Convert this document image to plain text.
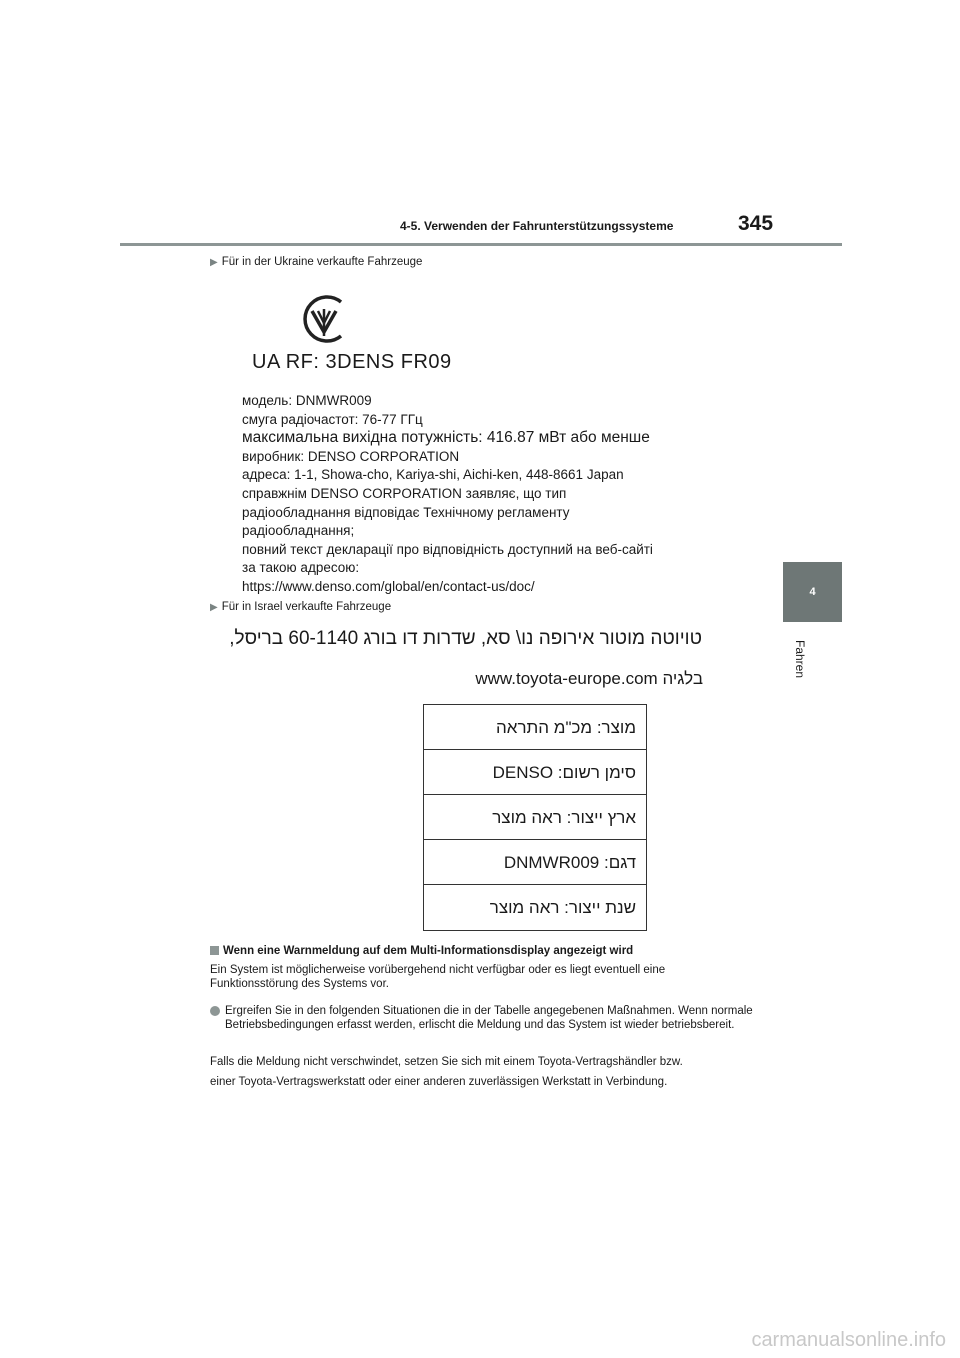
4-5. Verwenden der Fahrunterstützungssysteme	345
4
Fahren
▶ Für in der Ukraine verkaufte Fahrzeuge
UA RF: 3DENS FR09
модель: DNMWR009
смуга радіочастот: 76-77 ГГц
максимальна вихідна потужність: 416.87 мВт або менше
виробник: DENSO CORPORATION
адреса: 1-1, Showa-cho, Kariya-shi, Aichi-ken, 448-8661 Japan
справжнім DENSO CORPORATION заявляє, що тип
радіообладнання відповідає Технічному регламенту
радіообладнання;
повний текст декларації про відповідність доступний на веб-сайті
за такою адресою:
https://www.denso.com/global/en/contact-us/doc/
▶ Für in Israel verkaufte Fahrzeuge
טויוטה מוטור אירופה נו\ סא, שדרות דו בורג 60-1140 בריסל,
בלגיה www.toyota-europe.com
מוצר: מכ"מ התראה
סימן רשום: DENSO
ארץ ייצור: ראה מוצר
דגם: DNMWR009
שנת ייצור: ראה מוצר
Wenn eine Warnmeldung auf dem Multi-Informationsdisplay angezeigt wird
Ein System ist möglicherweise vorübergehend nicht verfügbar oder es liegt eventuell eine Funktionsstörung des Systems vor.
Ergreifen Sie in den folgenden Situationen die in der Tabelle angegebenen Maßnahmen. Wenn normale Betriebsbedingungen erfasst werden, erlischt die Meldung und das System ist wieder betriebsbereit.
Falls die Meldung nicht verschwindet, setzen Sie sich mit einem Toyota-Vertragshändler bzw.
einer Toyota-Vertragswerkstatt oder einer anderen zuverlässigen Werkstatt in Verbindung.
carmanualsonline.info
